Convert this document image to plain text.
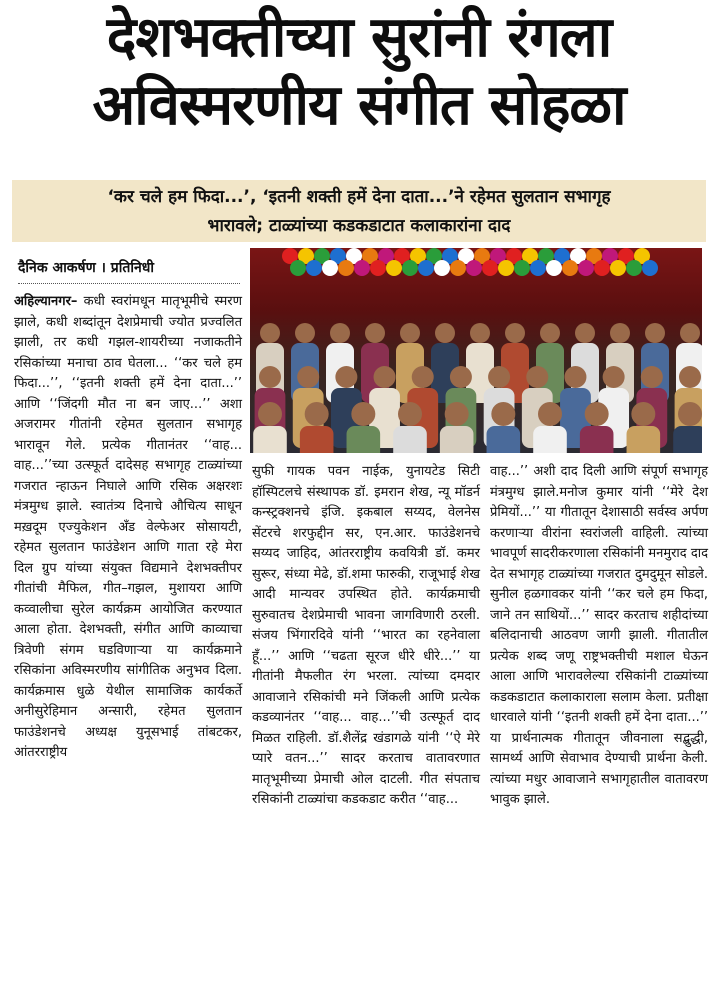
देशभक्तीच्या सुरांनी रंगला
अविस्मरणीय संगीत सोहळा
‘कर चले हम फिदा...’, ‘इतनी शक्ती हमें देना दाता...’ने रहेमत सुलतान सभागृह
भारावले; टाळ्यांच्या कडकडाटात कलाकारांना दाद
दैनिक आकर्षण । प्रतिनिधी

अहिल्यानगर– कधी स्वरांमधून मातृभूमीचे स्मरण झाले, कधी शब्दांतून देशप्रेमाची ज्योत प्रज्वलित झाली, तर कधी गझल-शायरीच्या नजाकतीने रसिकांच्या मनाचा ठाव घेतला... ‘‘कर चले हम फिदा...’’, ‘‘इतनी शक्ती हमें देना दाता...’’ आणि ‘‘जिंदगी मौत ना बन जाए...’’ अशा अजरामर गीतांनी रहेमत सुलतान सभागृह भारावून गेले. प्रत्येक गीतानंतर ‘‘वाह... वाह...’’च्या उत्स्फूर्त दादेसह सभागृह टाळ्यांच्या गजरात न्हाऊन निघाले आणि रसिक अक्षरशः मंत्रमुग्ध झाले. स्वातंत्र्य दिनाचे औचित्य साधून मख़दूम एज्युकेशन अँड वेल्फेअर सोसायटी, रहेमत सुलतान फाउंडेशन आणि गाता रहे मेरा दिल ग्रुप यांच्या संयुक्त विद्यमाने देशभक्तीपर गीतांची मैफिल, गीत–गझल, मुशायरा आणि कव्वालीचा सुरेल कार्यक्रम आयोजित करण्यात आला होता. देशभक्ती, संगीत आणि काव्याचा त्रिवेणी संगम घडविणाऱ्या या कार्यक्रमाने रसिकांना अविस्मरणीय सांगीतिक अनुभव दिला. कार्यक्रमास धुळे येथील सामाजिक कार्यकर्ते अनीसुरेहिमान अन्सारी, रहेमत सुलतान फाउंडेशनचे अध्यक्ष युनूसभाई तांबटकर, आंतरराष्ट्रीय

सुफी गायक पवन नाईक, युनायटेड सिटी हॉस्पिटलचे संस्थापक डॉ. इमरान शेख, न्यू मॉडर्न कन्स्ट्रक्शनचे इंजि. इकबाल सय्यद, वेलनेस सेंटरचे शरफुद्दीन सर, एन.आर. फाउंडेशनचे सय्यद जाहिद, आंतरराष्ट्रीय कवयित्री डॉ. कमर सुरूर, संध्या मेढे, डॉ.शमा फारुकी, राजूभाई शेख आदी मान्यवर उपस्थित होते. कार्यक्रमाची सुरुवातच देशप्रेमाची भावना जागविणारी ठरली. संजय भिंगारदिवे यांनी ‘‘भारत का रहनेवाला हूँ...’’ आणि ‘‘चढता सूरज धीरे धीरे...’’ या गीतांनी मैफलीत रंग भरला. त्यांच्या दमदार आवाजाने रसिकांची मने जिंकली आणि प्रत्येक कडव्यानंतर ‘‘वाह... वाह...’’ची उत्स्फूर्त दाद मिळत राहिली. डॉ.शैलेंद्र खंडागळे यांनी ‘‘ऐ मेरे प्यारे वतन...’’ सादर करताच वातावरणात मातृभूमीच्या प्रेमाची ओल दाटली. गीत संपताच रसिकांनी टाळ्यांचा कडकडाट करीत ‘‘वाह...

वाह...’’ अशी दाद दिली आणि संपूर्ण सभागृह मंत्रमुग्ध झाले.मनोज कुमार यांनी ‘‘मेरे देश प्रेमियों...’’ या गीतातून देशासाठी सर्वस्व अर्पण करणाऱ्या वीरांना स्वरांजली वाहिली. त्यांच्या भावपूर्ण सादरीकरणाला रसिकांनी मनमुराद दाद देत सभागृह टाळ्यांच्या गजरात दुमदुमून सोडले. सुनील हळगावकर यांनी ‘‘कर चले हम फिदा, जाने तन साथियों...’’ सादर करताच शहीदांच्या बलिदानाची आठवण जागी झाली. गीतातील प्रत्येक शब्द जणू राष्ट्रभक्तीची मशाल घेऊन आला आणि भारावलेल्या रसिकांनी टाळ्यांच्या कडकडाटात कलाकाराला सलाम केला. प्रतीक्षा धारवाले यांनी ‘‘इतनी शक्ती हमें देना दाता...’’ या प्रार्थनात्मक गीतातून जीवनाला सद्बुद्धी, सामर्थ्य आणि सेवाभाव देण्याची प्रार्थना केली. त्यांच्या मधुर आवाजाने सभागृहातील वातावरण भावुक झाले.
